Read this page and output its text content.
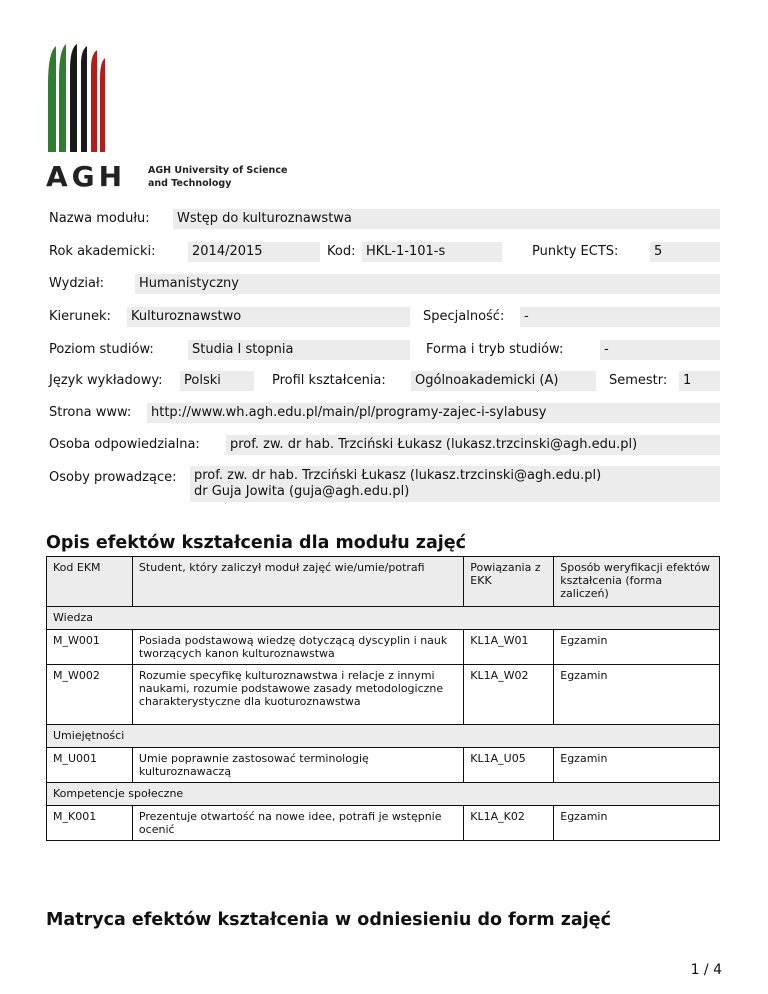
AGH AGH University of Science
and Technology
Nazwa modułu:	Wstęp do kulturoznawstwa
Rok akademicki:	2014/2015	Kod: HKL-1-101-s	Punkty ECTS:	5
Wydział:	Humanistyczny
Kierunek:	Kulturoznawstwo	Specjalność:	-
Poziom studiów:	Studia I stopnia	Forma i tryb studiów:	-
Język wykładowy:	Polski	Profil kształcenia:	Ogólnoakademicki (A)	Semestr:	1
Strona www:	http://www.wh.agh.edu.pl/main/pl/programy-zajec-i-sylabusy
Osoba odpowiedzialna:	prof. zw. dr hab. Trzciński Łukasz (lukasz.trzcinski@agh.edu.pl)
Osoby prowadzące: prof. zw. dr hab. Trzciński Łukasz (lukasz.trzcinski@agh.edu.pl)
dr Guja Jowita (guja@agh.edu.pl)
Opis efektów kształcenia dla modułu zajęć
Kod EKM	Student, który zaliczył moduł zajęć wie/umie/potrafi	Powiązania z EKK	Sposób weryfikacji efektów kształcenia (forma zaliczeń)
Wiedza			
M_W001	Posiada podstawową wiedzę dotyczącą dyscyplin i nauk tworzących kanon kulturoznawstwa	KL1A_W01	Egzamin
M_W002	Rozumie specyfikę kulturoznawstwa i relacje z innymi naukami, rozumie podstawowe zasady metodologiczne charakterystyczne dla kuoturoznawstwa	KL1A_W02	Egzamin
Umiejętności			
M_U001	Umie poprawnie zastosować terminologię kulturoznawaczą	KL1A_U05	Egzamin
Kompetencje społeczne			
M_K001	Prezentuje otwartość na nowe idee, potrafi je wstępnie ocenić	KL1A_K02	Egzamin
Matryca efektów kształcenia w odniesieniu do form zajęć
1 / 4
